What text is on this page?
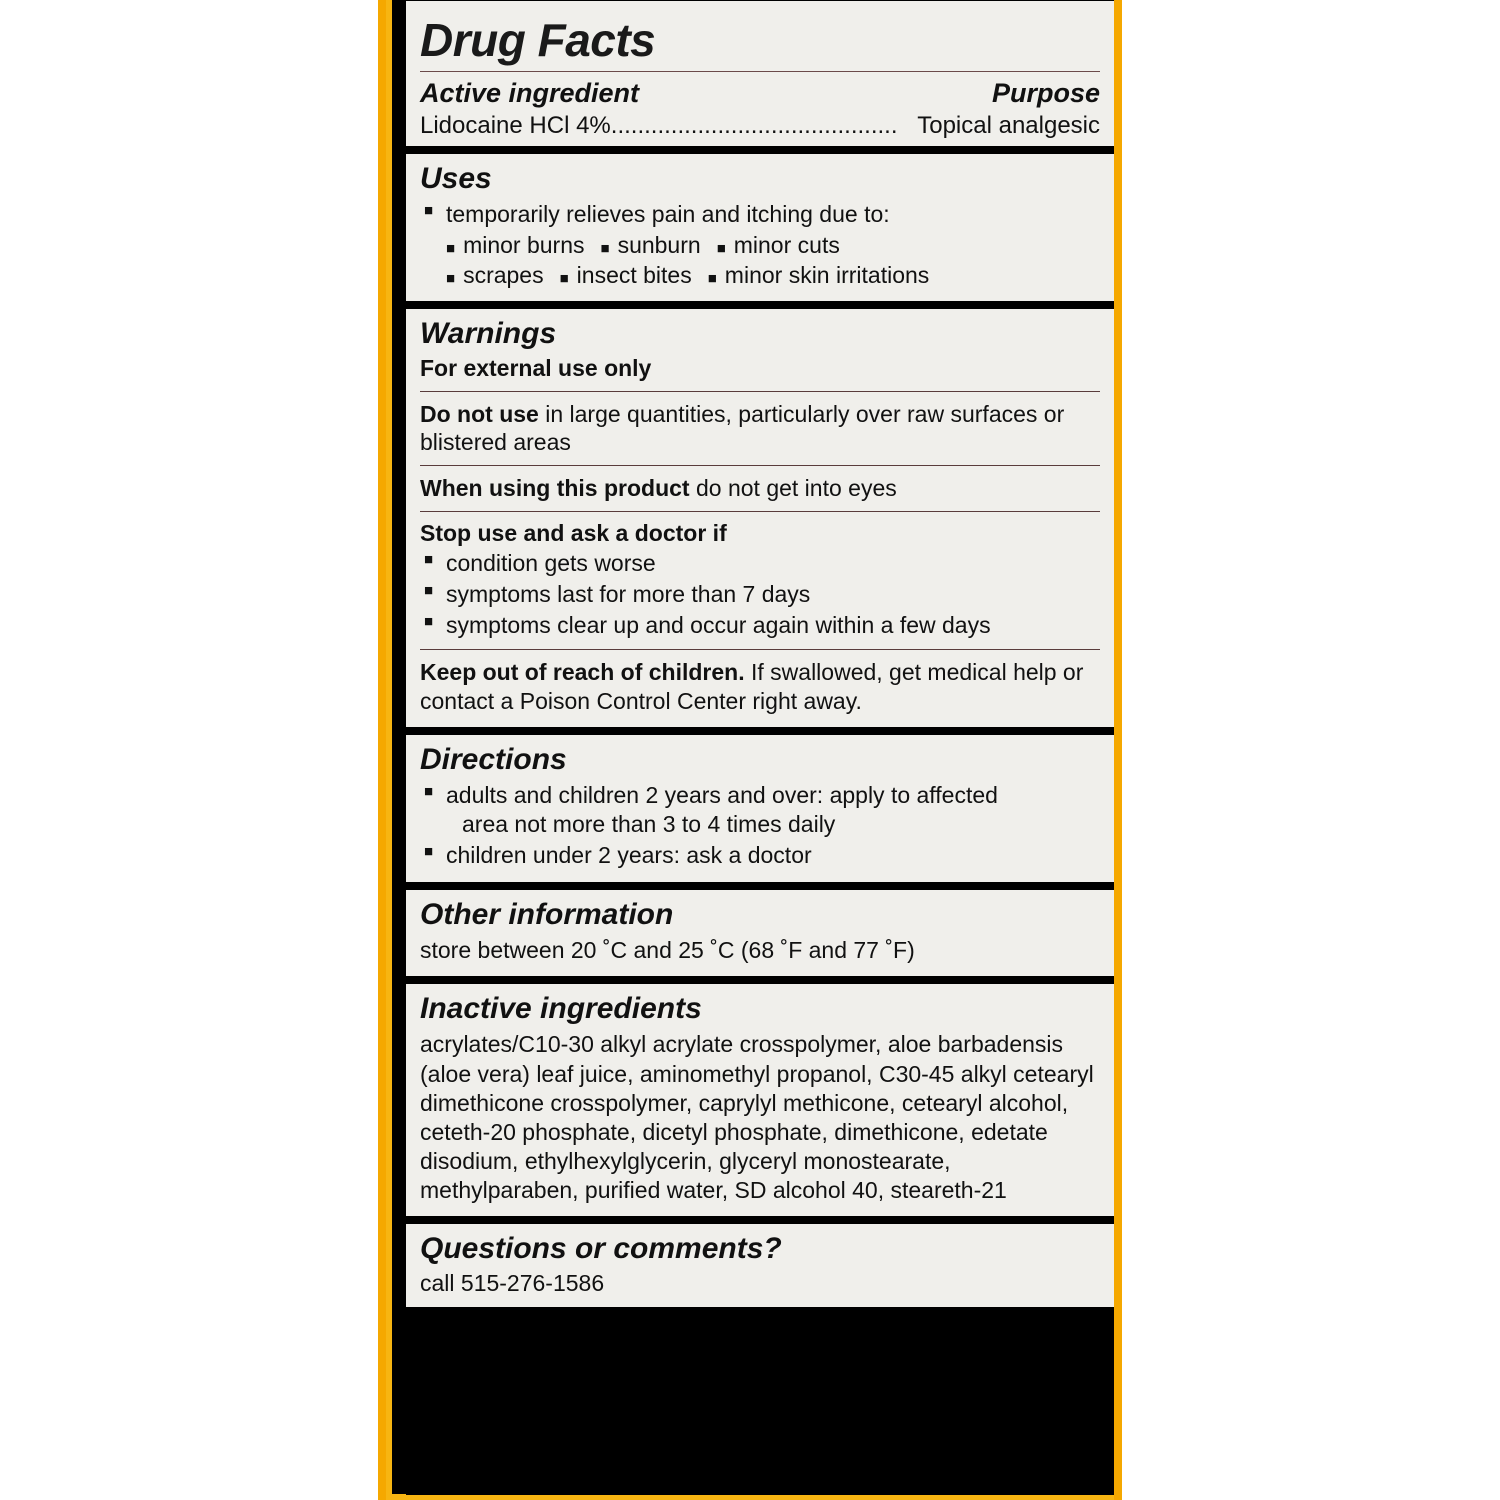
Drug Facts
Active ingredient	Purpose
Lidocaine HCl 4% ........................................... Topical analgesic
Uses
■ temporarily relieves pain and itching due to:
■ minor burns ■ sunburn ■ minor cuts
■ scrapes ■ insect bites ■ minor skin irritations
Warnings
For external use only
Do not use in large quantities, particularly over raw surfaces or blistered areas
When using this product do not get into eyes
Stop use and ask a doctor if
■ condition gets worse
■ symptoms last for more than 7 days
■ symptoms clear up and occur again within a few days
Keep out of reach of children. If swallowed, get medical help or contact a Poison Control Center right away.
Directions
■ adults and children 2 years and over: apply to affected
area not more than 3 to 4 times daily
■ children under 2 years: ask a doctor
Other information
store between 20 ˚C and 25 ˚C (68 ˚F and 77 ˚F)
Inactive ingredients
acrylates/C10-30 alkyl acrylate crosspolymer, aloe barbadensis (aloe vera) leaf juice, aminomethyl propanol, C30-45 alkyl cetearyl dimethicone crosspolymer, caprylyl methicone, cetearyl alcohol, ceteth-20 phosphate, dicetyl phosphate, dimethicone, edetate disodium, ethylhexylglycerin, glyceryl monostearate, methylparaben, purified water, SD alcohol 40, steareth-21
Questions or comments?
call 515-276-1586
